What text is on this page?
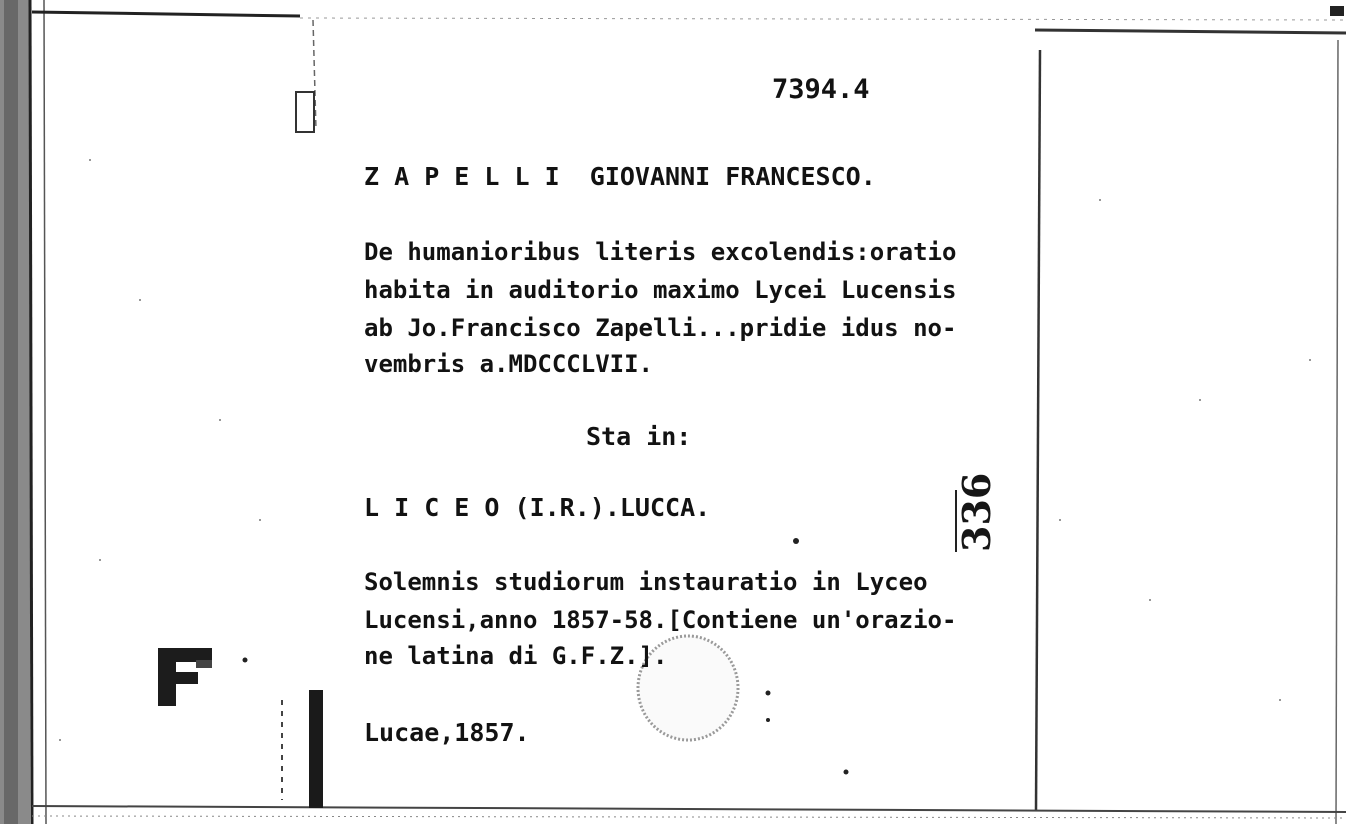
7394.4
Z A P E L L I  GIOVANNI FRANCESCO.
De humanioribus literis excolendis:oratio
habita in auditorio maximo Lycei Lucensis
ab Jo.Francisco Zapelli...pridie idus no-
vembris a.MDCCCLVII.
Sta in:
L I C E O (I.R.).LUCCA.	336
Solemnis studiorum instauratio in Lyceo
Lucensi,anno 1857-58.[Contiene un'orazio-
ne latina di G.F.Z.].
Lucae,1857.
